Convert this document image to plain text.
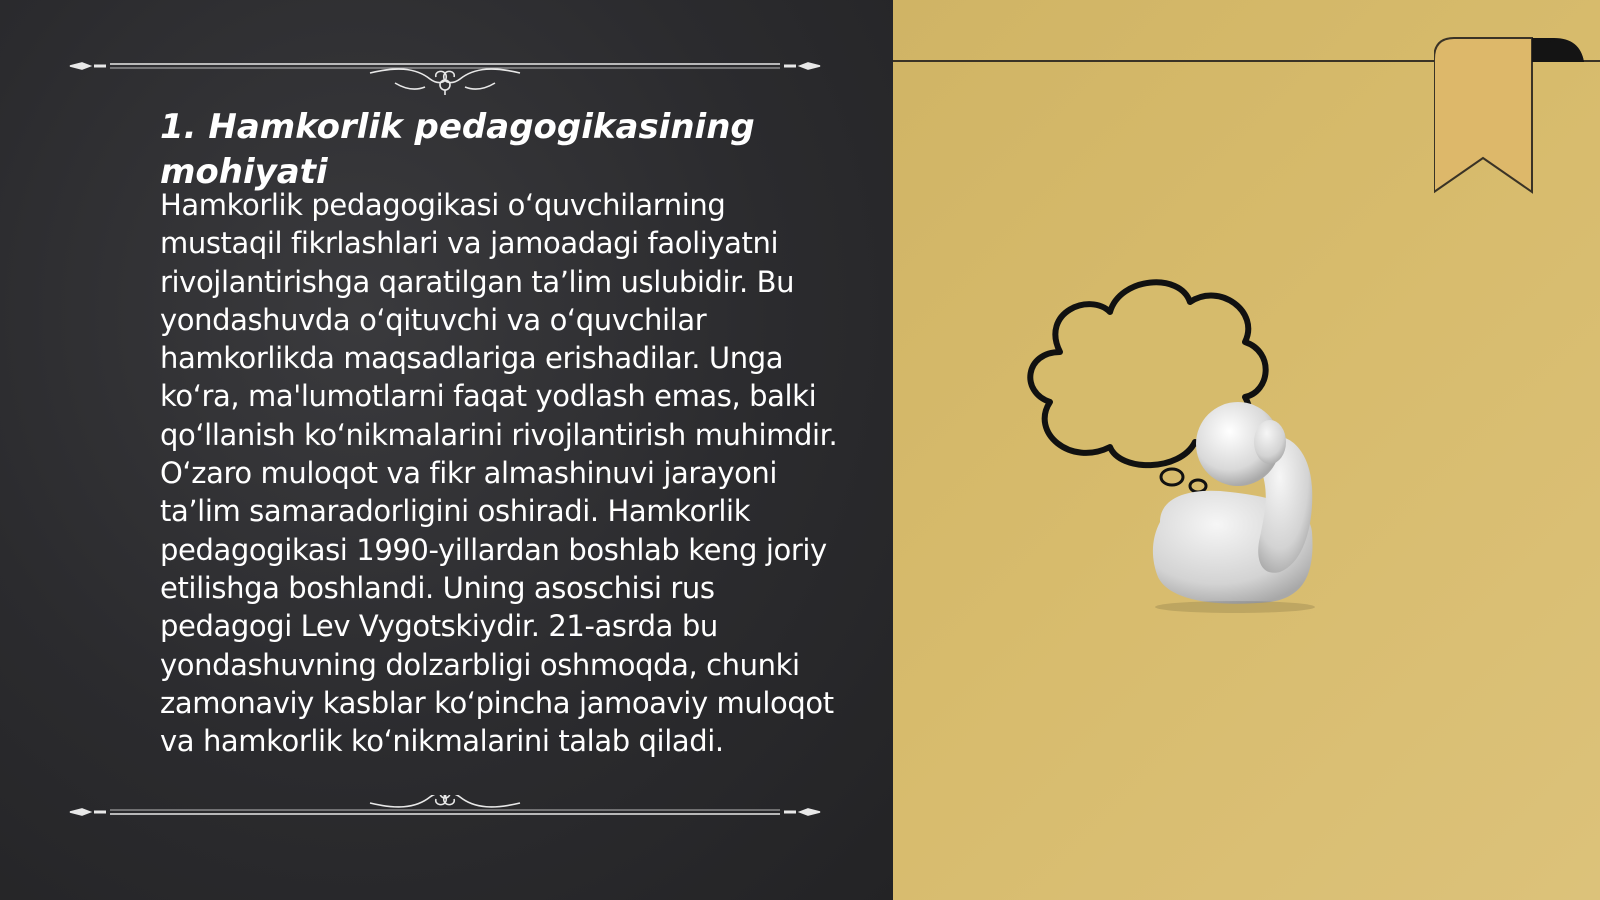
1. Hamkorlik pedagogikasining mohiyati

Hamkorlik pedagogikasi o‘quvchilarning mustaqil fikrlashlari va jamoadagi faoliyatni rivojlantirishga qaratilgan ta’lim uslubidir. Bu yondashuvda o‘qituvchi va o‘quvchilar hamkorlikda maqsadlariga erishadilar. Unga ko‘ra, ma'lumotlarni faqat yodlash emas, balki qo‘llanish ko‘nikmalarini rivojlantirish muhimdir. O‘zaro muloqot va fikr almashinuvi jarayoni ta’lim samaradorligini oshiradi. Hamkorlik pedagogikasi 1990-yillardan boshlab keng joriy etilishga boshlandi. Uning asoschisi rus pedagogi Lev Vygotskiydir. 21-asrda bu yondashuvning dolzarbligi oshmoqda, chunki zamonaviy kasblar ko‘pincha jamoaviy muloqot va hamkorlik ko‘nikmalarini talab qiladi.
